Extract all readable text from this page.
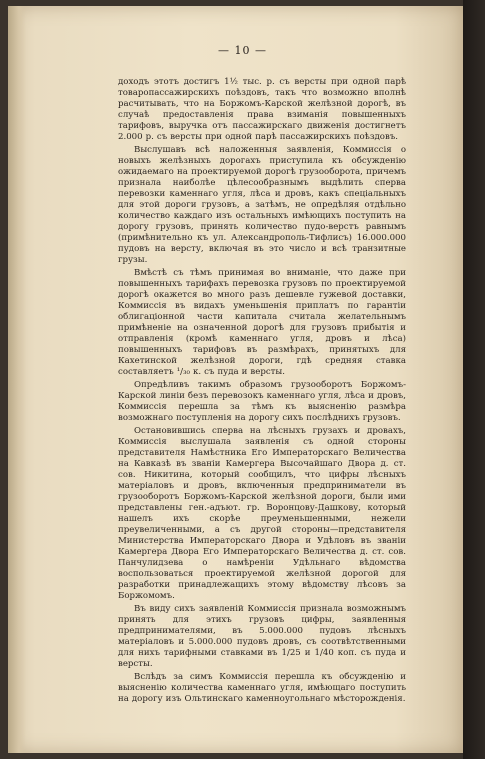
— 10 —

доходъ этотъ достигъ 1½ тыс. р. съ версты при одной парѣ товаропассажирскихъ поѣздовъ, такъ что возможно вполнѣ расчитывать, что на Боржомъ-Карской желѣзной дорогѣ, въ случаѣ предоставленія права взиманія повышенныхъ тарифовъ, выручка отъ пассажирскаго движенія достигнетъ 2.000 р. съ версты при одной парѣ пассажирскихъ поѣздовъ.

Выслушавъ всѣ наложенныя заявленія, Коммиссія о новыхъ желѣзныхъ дорогахъ приступила къ обсужденію ожидаемаго на проектируемой дорогѣ грузооборота, причемъ признала наиболѣе цѣлесообразнымъ выдѣлить сперва перевозки каменнаго угля, лѣса и дровъ, какъ спеціальныхъ для этой дороги грузовъ, а затѣмъ, не опредѣляя отдѣльно количество каждаго изъ остальныхъ имѣющихъ поступить на дорогу грузовъ, принять количество пудо-верстъ равнымъ (примѣнительно къ ул. Александрополь-Тифлисъ) 16.000.000 пудовъ на версту, включая въ это число и всѣ транзитные грузы.

Вмѣстѣ съ тѣмъ принимая во вниманіе, что даже при повышенныхъ тарифахъ перевозка грузовъ по проектируемой дорогѣ окажется во много разъ дешевле гужевой доставки, Коммиссія въ видахъ уменьшенія приплатъ по гарантіи облигаціонной части капитала считала желательнымъ примѣненіе на означенной дорогѣ для грузовъ прибытія и отправленія (кромѣ каменнаго угля, дровъ и лѣса) повышенныхъ тарифовъ въ размѣрахъ, принятыхъ для Кахетинской желѣзной дороги, гдѣ средняя ставка составляетъ ¹/₃₀ к. съ пуда и версты.

Опредѣливъ такимъ образомъ грузооборотъ Боржомъ-Карской линіи безъ перевозокъ каменнаго угля, лѣса и дровъ, Коммиссія перешла за тѣмъ къ выясненію размѣра возможнаго поступленія на дорогу сихъ послѣднихъ грузовъ.

Остановившись сперва на лѣсныхъ грузахъ и дровахъ, Коммиссія выслушала заявленія съ одной стороны представителя Намѣстника Его Императорскаго Величества на Кавказѣ въ званіи Камергера Высочайшаго Двора д. ст. сов. Никитина, который сообщилъ, что цифры лѣсныхъ матеріаловъ и дровъ, включенныя предприниматели въ грузооборотъ Боржомъ-Карской желѣзной дороги, были ими представлены ген.-адъют. гр. Воронцову-Дашкову, который нашелъ ихъ скорѣе преуменьшенными, нежели преувеличенными, а съ другой стороны—представителя Министерства Императорскаго Двора и Удѣловъ въ званіи Камергера Двора Его Императорскаго Величества д. ст. сов. Панчулидзева о намѣреніи Удѣльнаго вѣдомства воспользоваться проектируемой желѣзной дорогой для разработки принадлежащихъ этому вѣдомству лѣсовъ за Боржомомъ.

Въ виду сихъ заявленій Коммиссія признала возможнымъ принять для этихъ грузовъ цифры, заявленныя предпринимателями, въ 5.000.000 пудовъ лѣсныхъ матеріаловъ и 5.000.000 пудовъ дровъ, съ соотвѣтственными для нихъ тарифными ставками въ 1/25 и 1/40 коп. съ пуда и версты.

Вслѣдъ за симъ Коммиссія перешла къ обсужденію и выясненію количества каменнаго угля, имѣющаго поступить на дорогу изъ Ольтинскаго каменноугольнаго мѣсторожденія.
